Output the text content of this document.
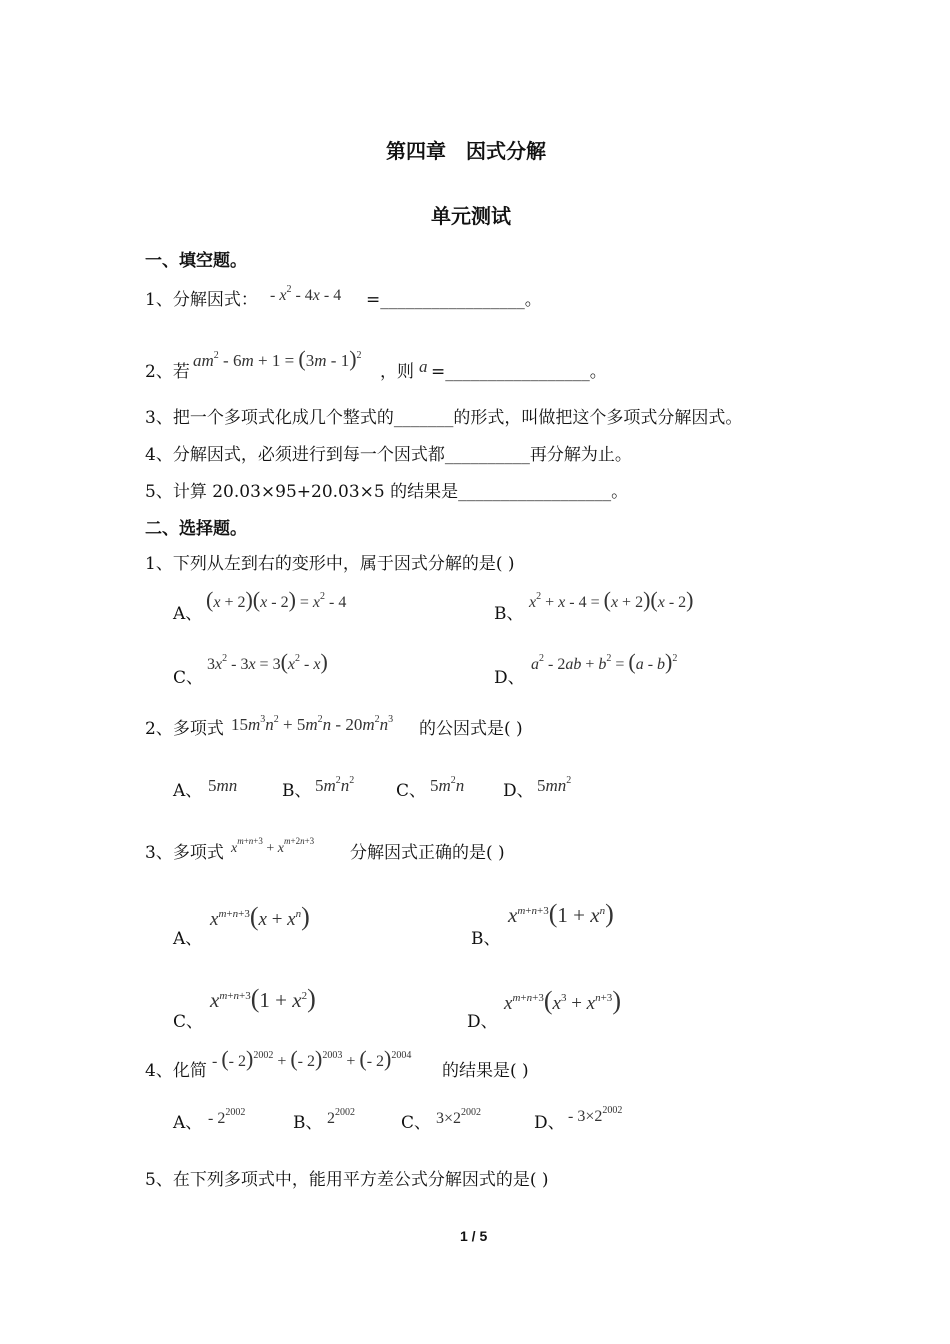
第四章　因式分解
单元测试
一、填空题。
1、分解因式： - $x^2 - 4x - 4$ =_________________。
2、若
$am^2 - 6m + 1 = (3m - 1)^2$
，则 a =_________________。
3、把一个多项式化成几个整式的_______的形式，叫做把这个多项式分解因式。
4、分解因式，必须进行到每一个因式都__________再分解为止。
5、计算 20.03×95+20.03×5 的结果是__________________。
二、选择题。
1、下列从左到右的变形中，属于因式分解的是( )
A、
$(x + 2)(x - 2) = x^2 - 4$
B、
$x^2 + x - 4 = (x + 2)(x - 2)$
C、
$3x^2 - 3x = 3(x^2 - x)$
D、
$a^2 - 2ab + b^2 = (a - b)^2$
2、多项式 $15m^3n^2 + 5m^2n - 20m^2n^3$ 的公因式是( )
A、 5mn	B、 $5m^2n^2$
C、 $5m^2n$ D、 $5mn^2$
3、多项式 $x^{m+n+3} + x^{m+2n+3}$
分解因式正确的是( )
A、
$x^{m+n+3}(x + x^n)$
B、
$x^{m+n+3}(1 + x^n)$
C、
$x^{m+n+3}(1 + x^2)$
D、
$x^{m+n+3}(x^3 + x^{n+3})$
4、化简 - (- 2)$^{2002}$ + (- 2)$^{2003}$ + (- 2)$^{2004}$
的结果是( )
A、 - $2^{2002}$
B、 $2^{2002}$
C、 $3\times 2^{2002}$
D、 - $3\times 2^{2002}$
5、在下列多项式中，能用平方差公式分解因式的是( )
1 / 5
